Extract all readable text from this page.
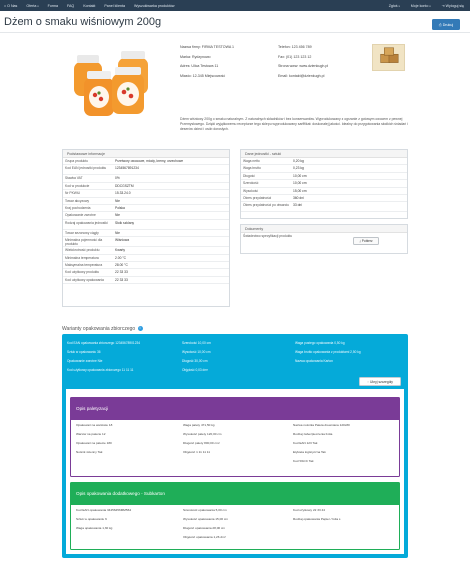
⌂ O Nas	Oferta▾	Forma	FAQ	Kontakt	Panel klienta	Wyszukiwarka produktów	Zgłoś▾	Moje konto▾	⇥ Wyloguj się
Dżem o smaku wiśniowym 200g	⎙ Drukuj
Nazwa firmy: FIRMA TESTOWA 1
Marka: Rydzynowo
Adres: Ulica Testowa 11
Miasto: 12-345 Miejscowość
Telefon: 123 456 789
Fax: (01) 123 123 12
Strona www: www.dzienkugh.pl
Email: kontakt@dzienkugh.pl
Dżem wiśniowy 200g o smaku naturalnym. Z naturalnych składników i bez konserwantów. Wyprodukowany z ogrzanie z gotowym owocem z pewnej Przemysłowego. Dzięki wyjątkowemu recepturze tego sklepu wyprodukowany sarfifikat: doskonałej jakości. Idealny do przygotowania słodkich śniadań i deserów dzieci i osób dorosłych.
Podstawowe informacje
Grupa produktu	Przetwory owocowe, miody, kremy, orzechowe
Kod EAN jednostki produktu	1234567891234
Stawka VAT	0%
Kod w produkcie	DDCGSZTM
Nr PKWiU	15.33.24.0
Towar akcyzowy	Nie
Kraj pochodzenia	Polska
Opakowanie zwrotne	Nie
Rodzaj opakowania jednostki	Słoik szklany
Towar sezonowy ciągły	Nie
Minimalna pojemność dla produktu
Wiśniowa
Wielokrotność produktu	Kwarty
Minimalna temperatura	2.00 °C
Maksymalna temperatura	28.00 °C
Kod użytkowy produktu	22 33 33
Kod użytkowy opakowania	22 33 33
Dane jednostki - sztuki
Waga netto	0,20 kg
Waga brutto	0,23 kg
Długość	10,00 cm
Szerokość	10,00 cm
Wysokość	15,00 cm
Okres przydatności	360 dni
Okres przydatności po otwarciu	33 dni
Dokumenty
Świadectwo specyfikacji produktu
⤓ Pobierz
Warianty opakowania zbiorczego i
Kod EAN opakowania zbiorczego 12345678901234
Sztuk w opakowaniu 36
Opakowanie zwrotne Nie
Kod użytkowy opakowania zbiorczego 11 11 11
Szerokość 10,00 cm
Wysokość 10,00 cm
Długość 30,00 cm
Objętość 0,03 dm³
Waga pustego opakowania 0,50 kg
Waga brutto opakowania z produktami 2,50 kg
Nazwa opakowania Karton
◌ Ukryj szczegóły
Opis paletyzacji
Opakowań na warstwie 18
Warstw na palecie 12
Opakowań na palecie 180
Nośnik ścienny Tak
Waga palety 471,50 kg
Wysokość palety 120,00 cm
Długość palety 800,00 cm²
Objętość 1 11 11 11
Nazwa nośnika Paleta drewniana 120x80
Rodzaj zabezpieczenia Folia
Kod EAN 123 Tak
Etykieta logistyczna Tak
Kod SSCC Tak
Opis opakowania dodatkowego - Subkarton
Kod EAN opakowania 34456456MM564
Sztuk w opakowaniu 6
Waga opakowania 1,30 kg
Szerokość opakowania 5,00 cm
Wysokość opakowania 15,00 cm
Długość opakowania 28,00 cm
Objętość opakowania 1,26 dm³
Kod użytkowy 22 33 44
Rodzaj opakowania Papier / folia s
